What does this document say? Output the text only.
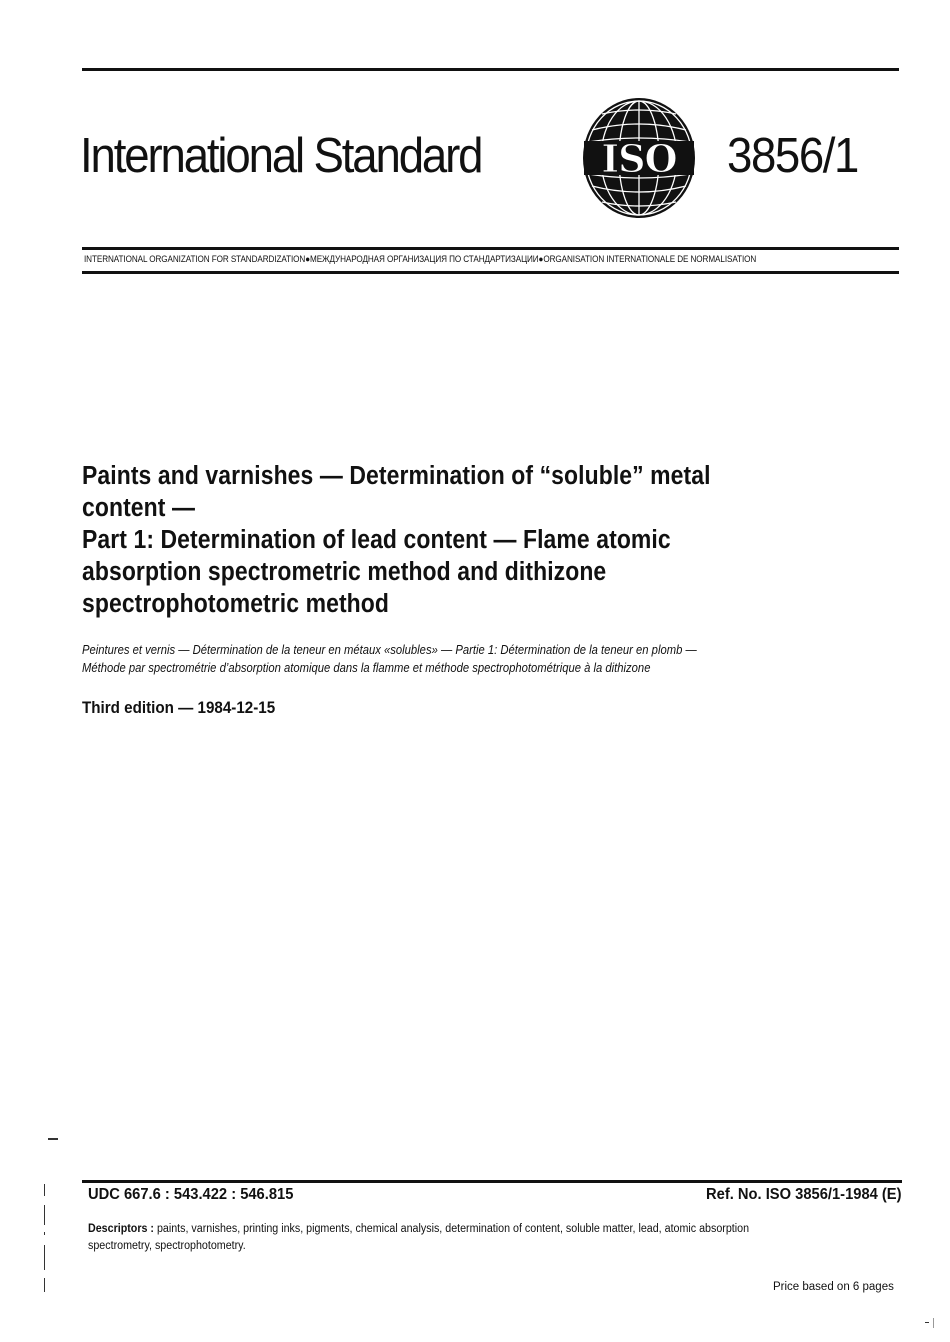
International Standard	ISO 3856/1
INTERNATIONAL ORGANIZATION FOR STANDARDIZATION●МЕЖДУНАРОДНАЯ ОРГАНИЗАЦИЯ ПО СТАНДАРТИЗАЦИИ●ORGANISATION INTERNATIONALE DE NORMALISATION
Paints and varnishes — Determination of “soluble” metal
content —
Part 1: Determination of lead content — Flame atomic
absorption spectrometric method and dithizone
spectrophotometric method
Peintures et vernis — Détermination de la teneur en métaux «solubles» — Partie 1: Détermination de la teneur en plomb —
Méthode par spectrométrie d’absorption atomique dans la flamme et méthode spectrophotométrique à la dithizone
Third edition — 1984-12-15
UDC 667.6 : 543.422 : 546.815	Ref. No. ISO 3856/1-1984 (E)
Descriptors : paints, varnishes, printing inks, pigments, chemical analysis, determination of content, soluble matter, lead, atomic absorption
spectrometry, spectrophotometry.
Price based on 6 pages
